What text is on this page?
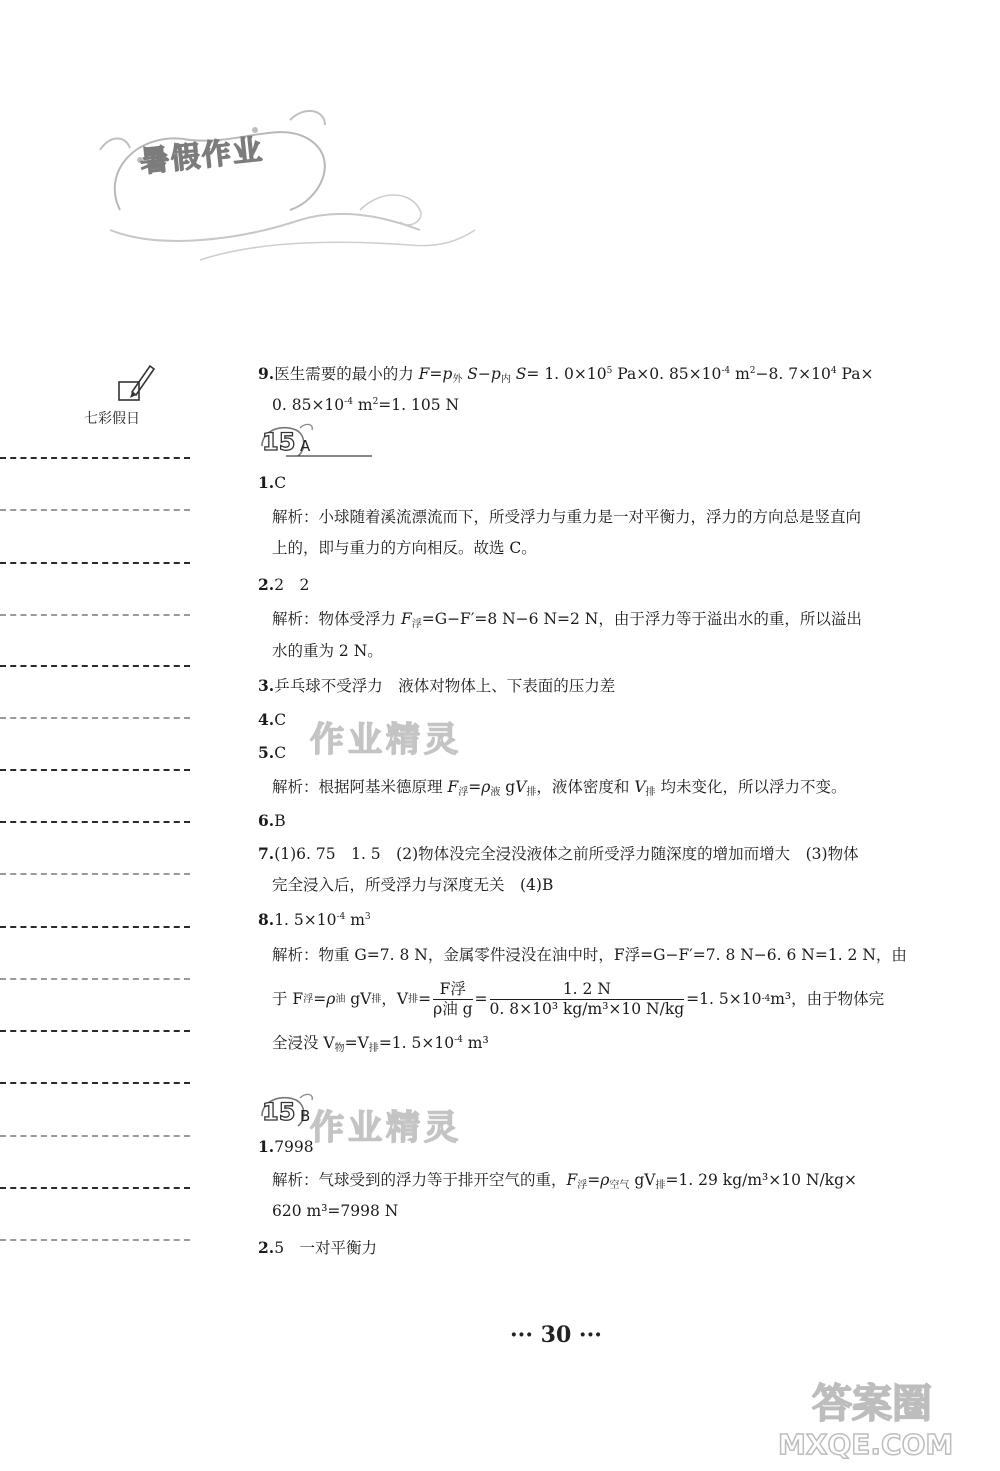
暑假作业
七彩假日
9.医生需要的最小的力 $F=p_外$ $S-p_内$ S= 1. $0\times 10^5$ Pa×0. $85\times 10^{-4}$ $m^2-8$. $7\times 10^4$ Pa×
0. $85\times 10^{-4}$ $m^2=1$. 105 N
15 A
1.C
解析：小球随着溪流漂流而下，所受浮力与重力是一对平衡力，浮力的方向总是竖直向
上的，即与重力的方向相反。故选 C。
2.2　2
解析：物体受浮力 $F_浮=G-F'=8$ N−6 N=2 N，由于浮力等于溢出水的重，所以溢出
水的重为 2 N。
3.乒乓球不受浮力　液体对物体上、下表面的压力差
4.C
5.C
解析：根据阿基米德原理 $F_浮=\rho_液$ $gV_排$，液体密度和 $V_排$ 均未变化，所以浮力不变。
6.B
7.(1)6. 75　1. 5　(2)物体没完全浸没液体之前所受浮力随深度的增加而增大　(3)物体
完全浸入后，所受浮力与深度无关　(4)B
8.1. $5\times 10^{-4}$ $m^3$
解析：物重 G=7. 8 N，金属零件浸没在油中时，F浮=G−F′=7. 8 N−6. 6 N=1. 2 N，由
于 F 浮 = ρ 油
gV 排 ，V 排 = $\frac{\text{F浮}}{\text{ρ油 g}} = \frac{1. 2 N}{\text{0. 8×10³ kg/m³×10 N/kg}} =1$. 5×10 -4 m³，由于物体完
全浸没 $V_物=V_排=1$. $5\times 10^{-4}$ m³
15 B
1.7998
解析：气球受到的浮力等于排开空气的重，$F_浮=\rho_{空气}$ $gV_排=1$. 29 kg/m³×10 N/kg×
620 m³=7998 N
2.5　一对平衡力
··· 30 ···
作业精灵
作业精灵
答案圈
MXQE.COM
